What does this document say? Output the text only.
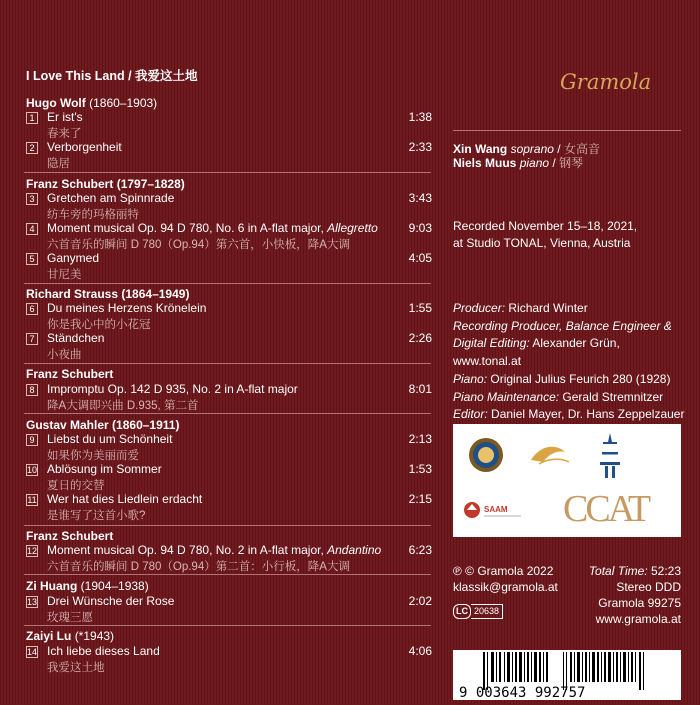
I Love This Land / 我爱这土地	Gramola
Hugo Wolf (1860–1903)
1 Er ist's
春来了
1:38
2 Verborgenheit
隐居
2:33
Franz Schubert (1797–1828)
3 Gretchen am Spinnrade
纺车旁的玛格丽特
3:43
4 Moment musical Op. 94 D 780, No. 6 in A-flat major, Allegretto
六首音乐的瞬间 D 780（Op.94）第六首，小快板，降A大调
9:03
5 Ganymed
甘尼美
4:05
Richard Strauss (1864–1949)
6 Du meines Herzens Krönelein
你是我心中的小花冠
1:55
7 Ständchen
小夜曲
2:26
Franz Schubert
8 Impromptu Op. 142 D 935, No. 2 in A-flat major
降A大调即兴曲 D.935, 第二首
8:01
Gustav Mahler (1860–1911)
9 Liebst du um Schönheit
如果你为美丽而爱
2:13
10 Ablösung im Sommer
夏日的交替
1:53
11 Wer hat dies Liedlein erdacht
是谁写了这首小歌?
2:15
Franz Schubert
12 Moment musical Op. 94 D 780, No. 2 in A-flat major, Andantino
六首音乐的瞬间 D 780（Op.94）第二首：小行板，降A大调
6:23
Zi Huang (1904–1938)
13 Drei Wünsche der Rose
玫瑰三愿
2:02
Zaiyi Lu (*1943)
14 Ich liebe dieses Land
我爱这土地
4:06
Xin Wang soprano / 女高音
Niels Muus piano / 钢琴
Recorded November 15–18, 2021,
at Studio TONAL, Vienna, Austria
Producer: Richard Winter
Recording Producer, Balance Engineer &
Digital Editing: Alexander Grün,
www.tonal.at
Piano: Original Julius Feurich 280 (1928)
Piano Maintenance: Gerald Stremnitzer
Editor: Daniel Mayer, Dr. Hans Zeppelzauer
SAAM CCAT
℗ © Gramola 2022
klassik@gramola.at
LC 20638
Total Time: 52:23
Stereo DDD
Gramola 99275
www.gramola.at
9 003643 992757
